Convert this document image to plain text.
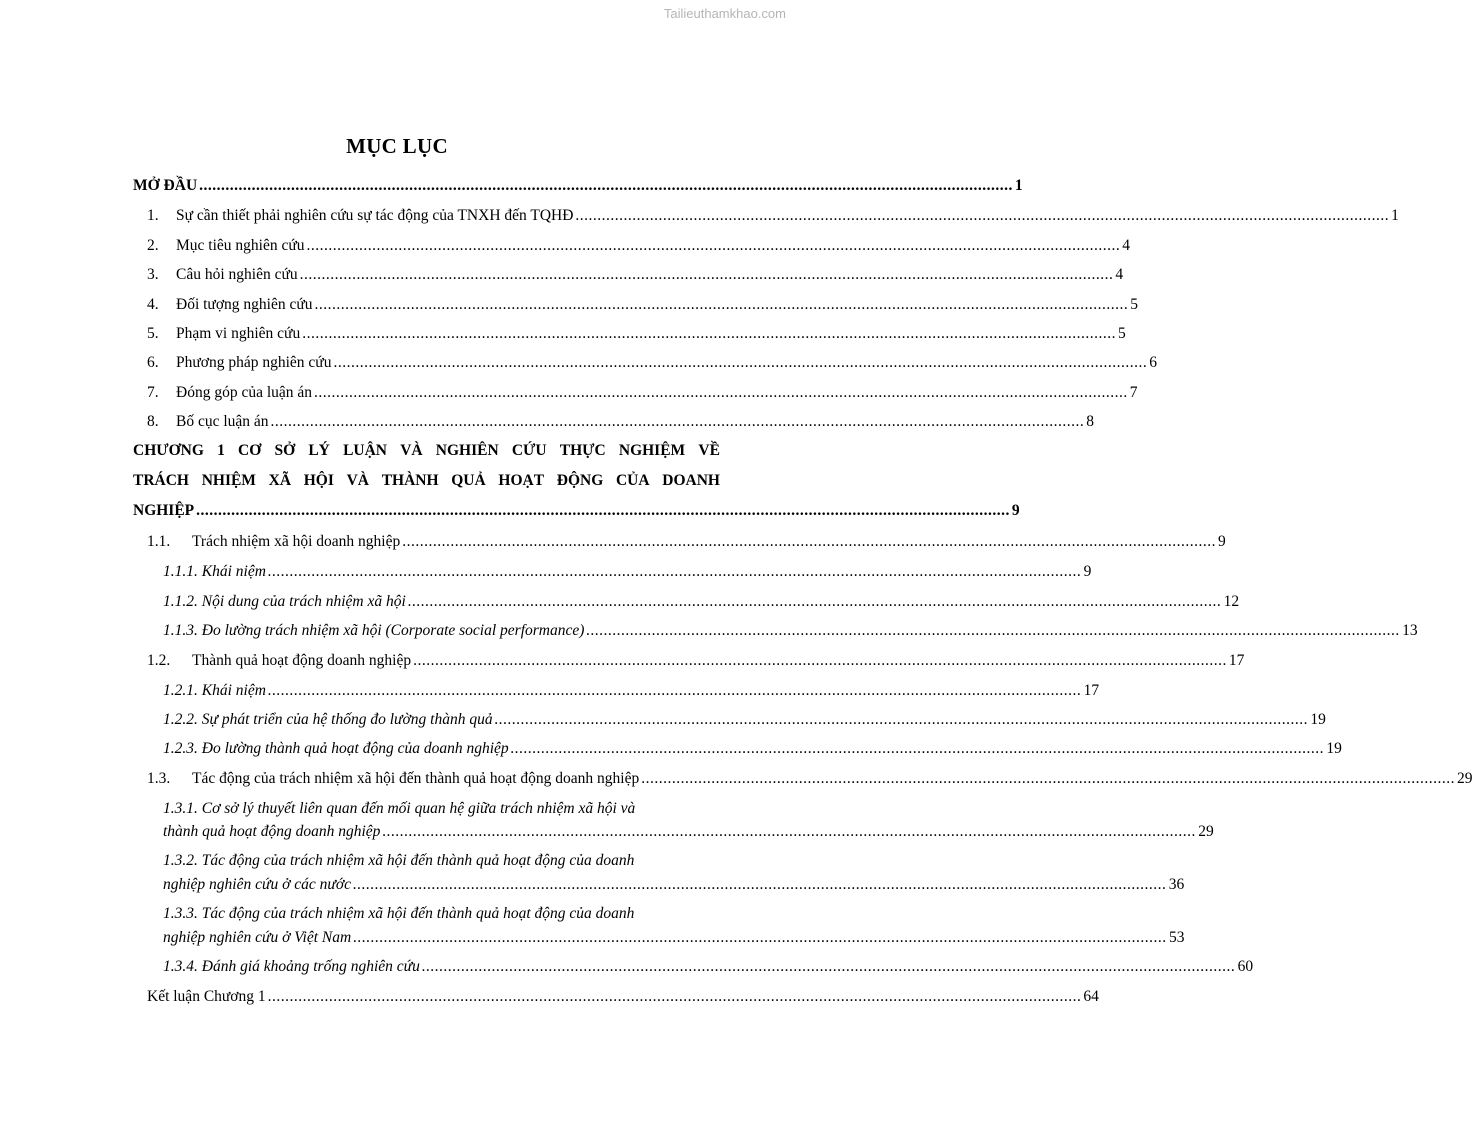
Tailieuthamkhao.com
MỤC LỤC
MỞ ĐẦU .......................................................................................................................................................................................... 1
1.	Sự cần thiết phải nghiên cứu sự tác động của TNXH đến TQHĐ .......................................................................................................................................................................................... 1
2.	Mục tiêu nghiên cứu .......................................................................................................................................................................................... 4
3.	Câu hỏi nghiên cứu .......................................................................................................................................................................................... 4
4.	Đối tượng nghiên cứu .......................................................................................................................................................................................... 5
5.	Phạm vi nghiên cứu .......................................................................................................................................................................................... 5
6.	Phương pháp nghiên cứu .......................................................................................................................................................................................... 6
7.	Đóng góp của luận án .......................................................................................................................................................................................... 7
8.	Bố cục luận án .......................................................................................................................................................................................... 8
CHƯƠNG 1 CƠ SỞ LÝ LUẬN VÀ NGHIÊN CỨU THỰC NGHIỆM VỀ
TRÁCH NHIỆM XÃ HỘI VÀ THÀNH QUẢ HOẠT ĐỘNG CỦA DOANH
NGHIỆP .......................................................................................................................................................................................... 9
1.1.	Trách nhiệm xã hội doanh nghiệp .......................................................................................................................................................................................... 9
1.1.1. Khái niệm .......................................................................................................................................................................................... 9
1.1.2. Nội dung của trách nhiệm xã hội .......................................................................................................................................................................................... 12
1.1.3. Đo lường trách nhiệm xã hội (Corporate social performance) .......................................................................................................................................................................................... 13
1.2.	Thành quả hoạt động doanh nghiệp .......................................................................................................................................................................................... 17
1.2.1. Khái niệm .......................................................................................................................................................................................... 17
1.2.2. Sự phát triển của hệ thống đo lường thành quả .......................................................................................................................................................................................... 19
1.2.3. Đo lường thành quả hoạt động của doanh nghiệp .......................................................................................................................................................................................... 19
1.3.	Tác động của trách nhiệm xã hội đến thành quả hoạt động doanh nghiệp .......................................................................................................................................................................................... 29
1.3.1. Cơ sở lý thuyết liên quan đến mối quan hệ giữa trách nhiệm xã hội và
thành quả hoạt động doanh nghiệp .......................................................................................................................................................................................... 29
1.3.2. Tác động của trách nhiệm xã hội đến thành quả hoạt động của doanh
nghiệp nghiên cứu ở các nước .......................................................................................................................................................................................... 36
1.3.3. Tác động của trách nhiệm xã hội đến thành quả hoạt động của doanh
nghiệp nghiên cứu ở Việt Nam .......................................................................................................................................................................................... 53
1.3.4. Đánh giá khoảng trống nghiên cứu .......................................................................................................................................................................................... 60
Kết luận Chương 1 .......................................................................................................................................................................................... 64
